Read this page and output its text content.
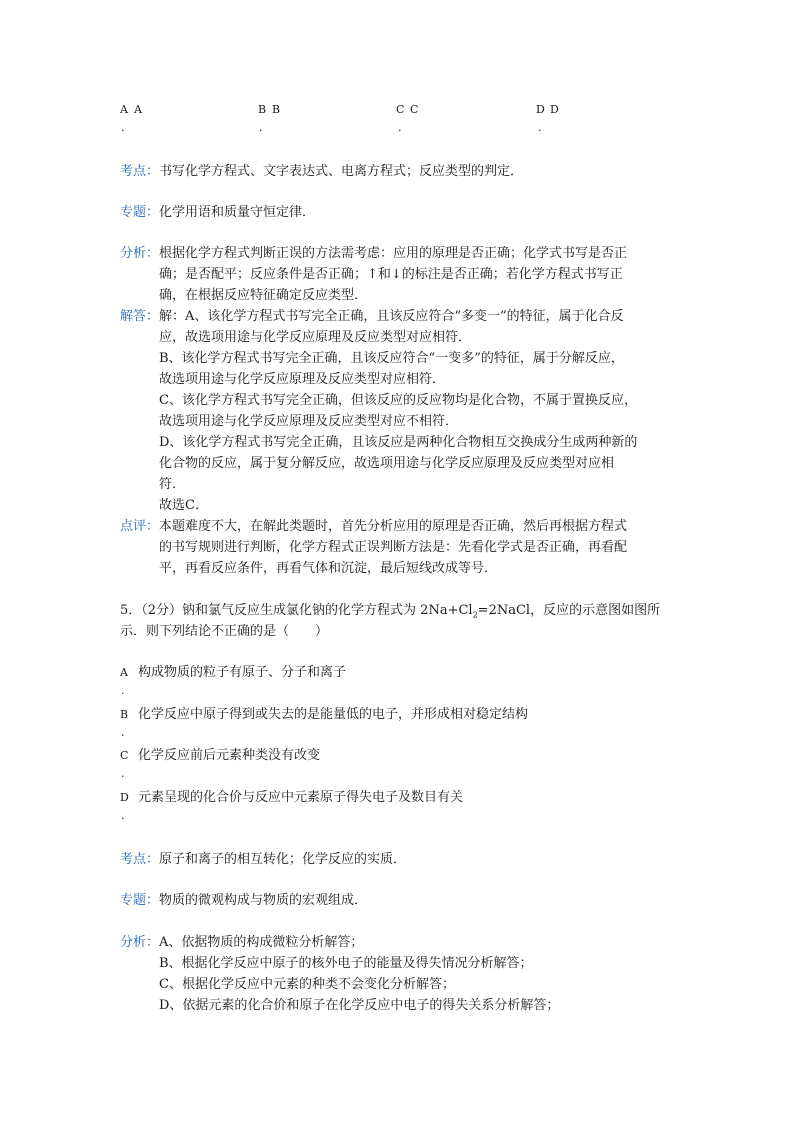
A A
.
B B
.
C C
.
D D
.
考点：书写化学方程式、文字表达式、电离方程式；反应类型的判定．
专题：化学用语和质量守恒定律．
分析： 根据化学方程式判断正误的方法需考虑：应用的原理是否正确；化学式书写是否正
确；是否配平；反应条件是否正确；↑和↓的标注是否正确；若化学方程式书写正
确，在根据反应特征确定反应类型．
解答： 解：A、该化学方程式书写完全正确，且该反应符合“多变一”的特征，属于化合反
应，故选项用途与化学反应原理及反应类型对应相符．
B、该化学方程式书写完全正确，且该反应符合“一变多”的特征，属于分解反应，
故选项用途与化学反应原理及反应类型对应相符．
C、该化学方程式书写完全正确，但该反应的反应物均是化合物，不属于置换反应，
故选项用途与化学反应原理及反应类型对应不相符．
D、该化学方程式书写完全正确，且该反应是两种化合物相互交换成分生成两种新的
化合物的反应，属于复分解反应，故选项用途与化学反应原理及反应类型对应相
符．
故选C．
点评： 本题难度不大，在解此类题时，首先分析应用的原理是否正确，然后再根据方程式
的书写规则进行判断，化学方程式正误判断方法是：先看化学式是否正确，再看配
平，再看反应条件，再看气体和沉淀，最后短线改成等号．
5．（2分）钠和氯气反应生成氯化钠的化学方程式为 $2Na+Cl_2=2NaCl$，反应的示意图如图所
示．则下列结论不正确的是（　　）
A 构成物质的粒子有原子、分子和离子
.
B 化学反应中原子得到或失去的是能量低的电子，并形成相对稳定结构
.
C 化学反应前后元素种类没有改变
.
D 元素呈现的化合价与反应中元素原子得失电子及数目有关
.
考点：原子和离子的相互转化；化学反应的实质．
专题：物质的微观构成与物质的宏观组成．
分析： A、依据物质的构成微粒分析解答；
B、根据化学反应中原子的核外电子的能量及得失情况分析解答；
C、根据化学反应中元素的种类不会变化分析解答；
D、依据元素的化合价和原子在化学反应中电子的得失关系分析解答；
